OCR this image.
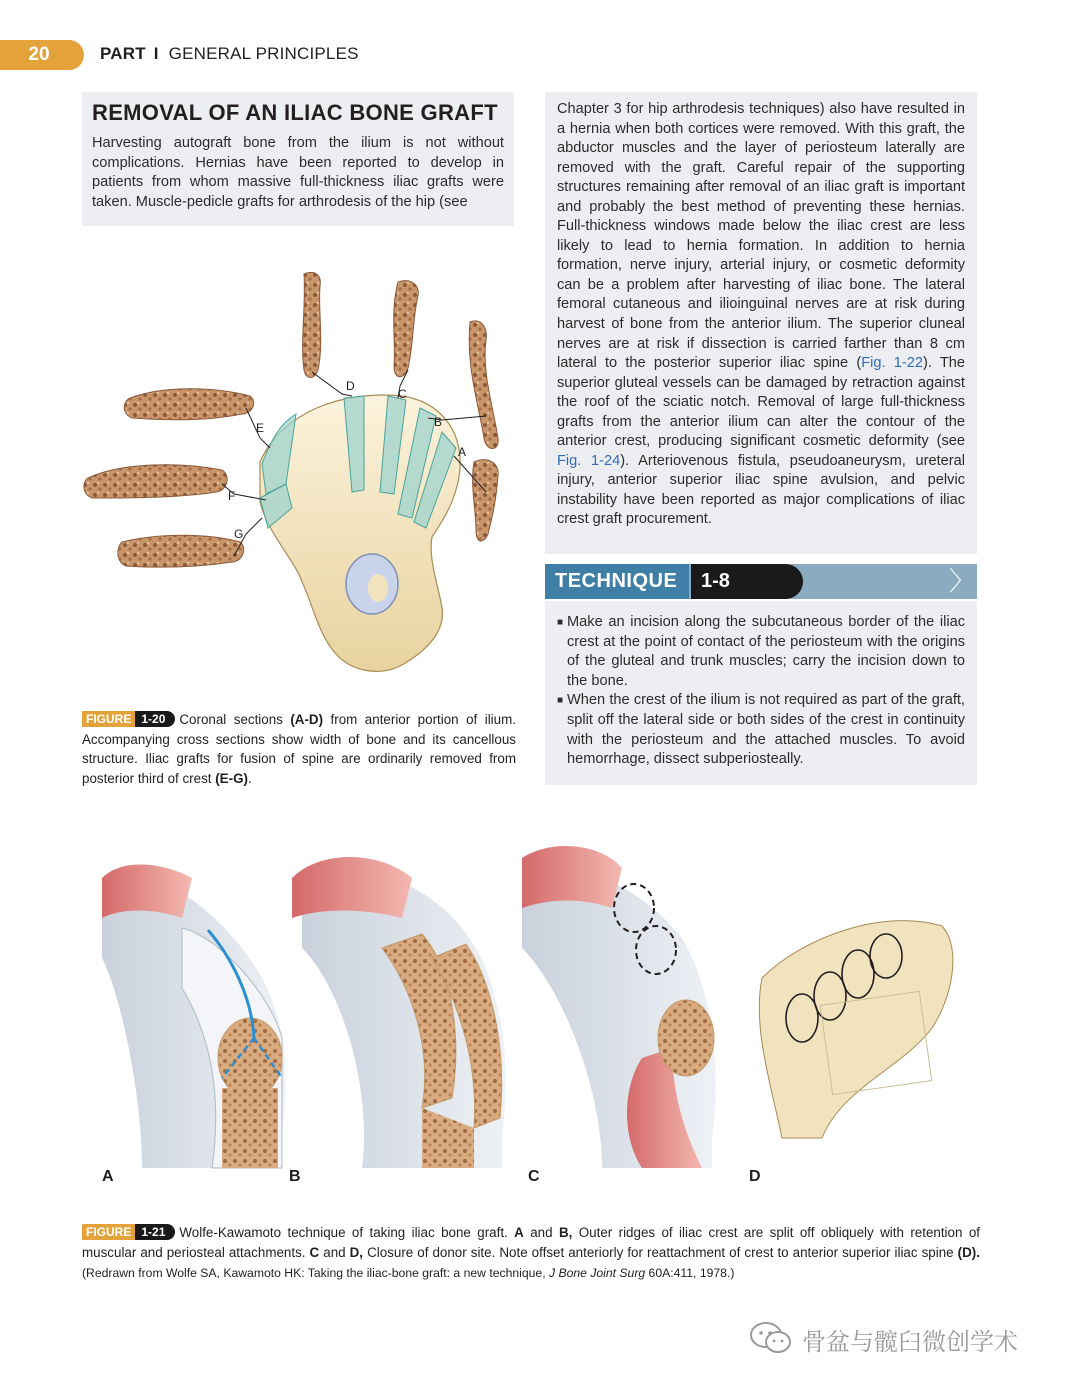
20	PART I GENERAL PRINCIPLES
REMOVAL OF AN ILIAC BONE GRAFT

Harvesting autograft bone from the ilium is not without complications. Hernias have been reported to develop in patients from whom massive full-thickness iliac grafts were taken. Muscle-pedicle grafts for arthrodesis of the hip (see

Chapter 3 for hip arthrodesis techniques) also have resulted in a hernia when both cortices were removed. With this graft, the abductor muscles and the layer of periosteum laterally are removed with the graft. Careful repair of the supporting structures remaining after removal of an iliac graft is important and probably the best method of preventing these hernias. Full-thickness windows made below the iliac crest are less likely to lead to hernia formation. In addition to hernia formation, nerve injury, arterial injury, or cosmetic deformity can be a problem after harvesting of iliac bone. The lateral femoral cutaneous and ilioinguinal nerves are at risk during harvest of bone from the anterior ilium. The superior cluneal nerves are at risk if dissection is carried farther than 8 cm lateral to the posterior superior iliac spine (Fig. 1-22). The superior gluteal vessels can be damaged by retraction against the roof of the sciatic notch. Removal of large full-thickness grafts from the anterior ilium can alter the contour of the anterior crest, producing significant cosmetic deformity (see Fig. 1-24). Arteriovenous fistula, pseudoaneurysm, ureteral injury, anterior superior iliac spine avulsion, and pelvic instability have been reported as major complications of iliac crest graft procurement.

TECHNIQUE	1-8	〉
■ Make an incision along the subcutaneous border of the iliac crest at the point of contact of the periosteum with the origins of the gluteal and trunk muscles; carry the incision down to the bone.
■ When the crest of the ilium is not required as part of the graft, split off the lateral side or both sides of the crest in continuity with the periosteum and the attached muscles. To avoid hemorrhage, dissect subperiosteally.
D
C
B
A
E
F
G
FIGURE 1-20 Coronal sections (A-D) from anterior portion of ilium. Accompanying cross sections show width of bone and its cancellous structure. Iliac grafts for fusion of spine are ordinarily removed from posterior third of crest (E-G).
A	B	C	D
FIGURE 1-21 Wolfe-Kawamoto technique of taking iliac bone graft. A and B, Outer ridges of iliac crest are split off obliquely with retention of muscular and periosteal attachments. C and D, Closure of donor site. Note offset anteriorly for reattachment of crest to anterior superior iliac spine (D). (Redrawn from Wolfe SA, Kawamoto HK: Taking the iliac-bone graft: a new technique, J Bone Joint Surg 60A:411, 1978.)
骨盆与髋臼微创学术
